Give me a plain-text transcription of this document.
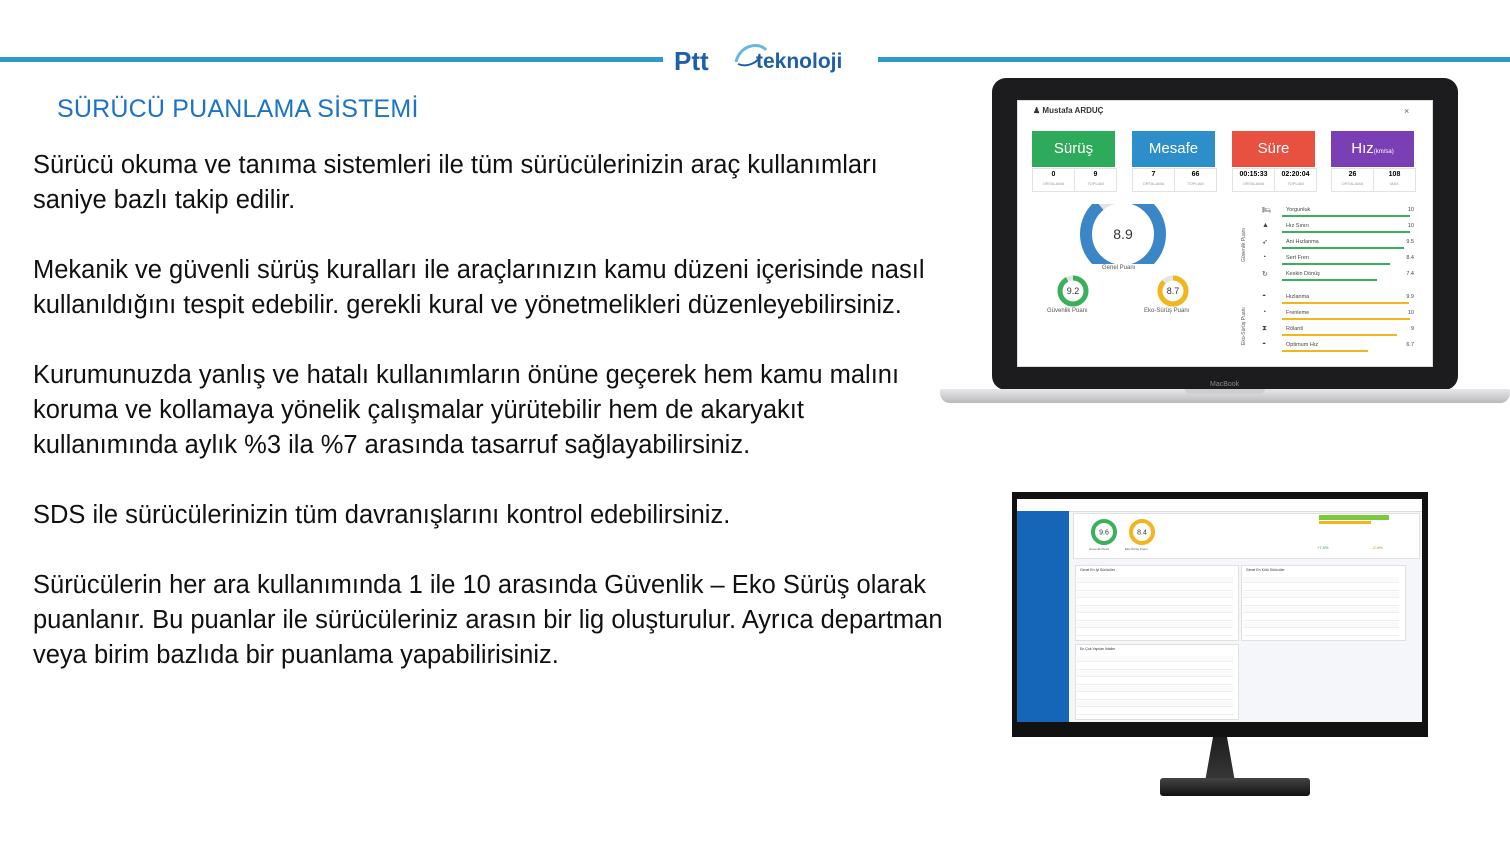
Ptt teknoloji
SÜRÜCÜ PUANLAMA SİSTEMİ

Sürücü okuma ve tanıma sistemleri ile tüm sürücülerinizin araç kullanımları saniye bazlı takip edilir.

Mekanik ve güvenli sürüş kuralları ile araçlarınızın kamu düzeni içerisinde nasıl kullanıldığını tespit edebilir. gerekli kural ve yönetmelikleri düzenleyebilirsiniz.

Kurumunuzda yanlış ve hatalı kullanımların önüne geçerek hem kamu malını koruma ve kollamaya yönelik çalışmalar yürütebilir hem de akaryakıt kullanımında aylık %3 ila %7 arasında tasarruf sağlayabilirsiniz.

SDS ile sürücülerinizin tüm davranışlarını kontrol edebilirsiniz.

Sürücülerin her ara kullanımında 1 ile 10 arasında Güvenlik – Eko Sürüş olarak puanlanır. Bu puanlar ile sürücüleriniz arasın bir lig oluşturulur. Ayrıca departman veya birim bazlıda bir puanlama yapabilirisiniz.

MacBook
♟ Mustafa ARDUÇ	×
Sürüş
0
ORTALAMA
9
TOPLAM
Mesafe
7
ORTALAMA
66
TOPLAM
Süre
00:15:33
ORTALAMA
02:20:04
TOPLAM
Hız(km/sa)
26
ORTALAMA
108
MAX
8.9
Genel Puanı
9.2
Güvenlik Puanı
8.7
Eko-Sürüş Puanı
Güvenlik Puanı
Eko-Sürüş Puanı
🛏	Yorgunluk	10
▲	Hız Sınırı	10
➶	Ani Hızlanma	9.5
◔	Sert Fren	8.4
↻	Keskin Dönüş	7.4
◓	Hızlanma	9.9
◔	Frenleme	10
⧗	Rölanti	9
◓	Optimum Hız	6.7
9.6	8.4
Güvenlik Puanı	Eko-Sürüş Puanı	+7.5%	-2.4%
Genel En İyi Sürücüler	Genel En Kötü Sürücüler
En Çok Yapılan İhlaller
